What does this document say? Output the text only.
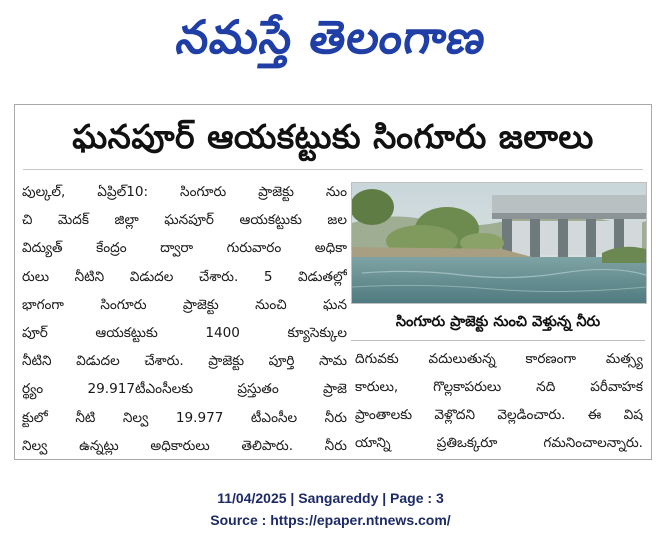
నమస్తే తెలంగాణ
ఘనపూర్ ఆయకట్టుకు సింగూరు జలాలు
పుల్కల్, ఏప్రిల్10: సింగూరు ప్రాజెక్టు నుం
చి మెదక్ జిల్లా ఘనపూర్ ఆయకట్టుకు జల
విద్యుత్ కేంద్రం ద్వారా గురువారం అధికా
రులు నీటిని విడుదల చేశారు. 5 విడుతల్లో
భాగంగా సింగూరు ప్రాజెక్టు నుంచి ఘన
పూర్ ఆయకట్టుకు 1400 క్యూసెక్కుల
నీటిని విడుదల చేశారు. ప్రాజెక్టు పూర్తి సామ
ర్థ్యం 29.917టీఎంసీలకు ప్రస్తుతం ప్రాజె
క్టులో నీటి నిల్వ 19.977 టీఎంసీల నీరు
నిల్వ ఉన్నట్లు అధికారులు తెలిపారు. నీరు
సింగూరు ప్రాజెక్టు నుంచి వెళ్తున్న నీరు
దిగువకు వదులుతున్న కారణంగా మత్స్య
కారులు, గొల్లకాపరులు నది పరీవాహక
ప్రాంతాలకు వెళ్లొదని వెల్లడించారు. ఈ విష
యాన్ని ప్రతిఒక్కరూ గమనించాలన్నారు.
11/04/2025 | Sangareddy | Page : 3
Source : https://epaper.ntnews.com/
